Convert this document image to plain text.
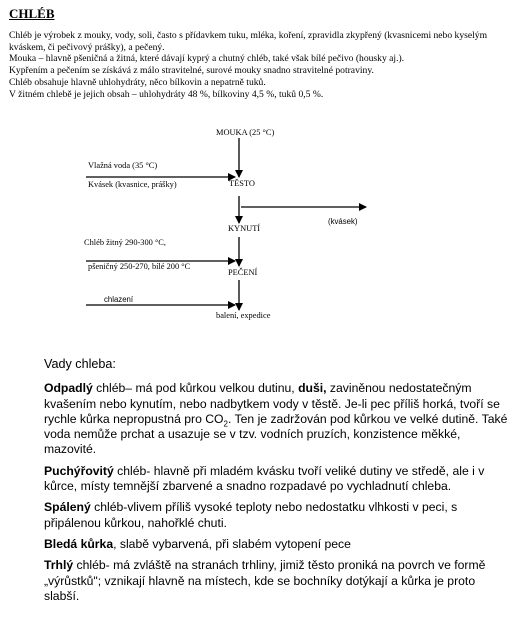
CHLÉB

Chléb je výrobek z mouky, vody, soli, často s přídavkem tuku, mléka, koření, zpravidla zkypřený (kvasnicemi nebo kyselým kváskem, či pečivový prášky), a pečený.

Mouka – hlavně pšeničná a žitná, které dávají kyprý a chutný chléb, také však bílé pečivo (housky aj.).

Kypřením a pečením se získává z málo stravitelné, surové mouky snadno stravitelné potraviny.

Chléb obsahuje hlavně uhlohydráty, něco bílkovin a nepatrně tuků.

V žitném chlebě je jejich obsah – uhlohydráty 48 %, bílkoviny 4,5 %, tuků 0,5 %.

MOUKA (25 °C)
Vlažná voda (35 °C)
Kvásek (kvasnice, prášky)	TĚSTO
(kvásek)
KYNUTÍ
Chléb žitný 290-300 °C,
pšeničný 250-270, bílé 200 °C
PEČENÍ
chlazení
balení, expedice

Vady chleba:

Odpadlý chléb– má pod kůrkou velkou dutinu, duši, zaviněnou nedostatečným kvašením nebo kynutím, nebo nadbytkem vody v těstě. Je-li pec příliš horká, tvoří se rychle kůrka nepropustná pro $CO_2$. Ten je zadržován pod kůrkou ve velké dutině. Také voda nemůže prchat a usazuje se v tzv. vodních pruzích, konzistence měkké, mazovité.

Puchýřovitý chléb- hlavně při mladém kvásku tvoří veliké dutiny ve středě, ale i v kůrce, místy temnější zbarvené a snadno rozpadavé po vychladnutí chleba.

Spálený chléb-vlivem příliš vysoké teploty nebo nedostatku vlhkosti v peci, s připálenou kůrkou, nahořklé chuti.

Bledá kůrka, slabě vybarvená, při slabém vytopení pece

Trhlý chléb- má zvláště na stranách trhliny, jimiž těsto proniká na povrch ve formě „výrůstků"; vznikají hlavně na místech, kde se bochníky dotýkají a kůrka je proto slabší.
